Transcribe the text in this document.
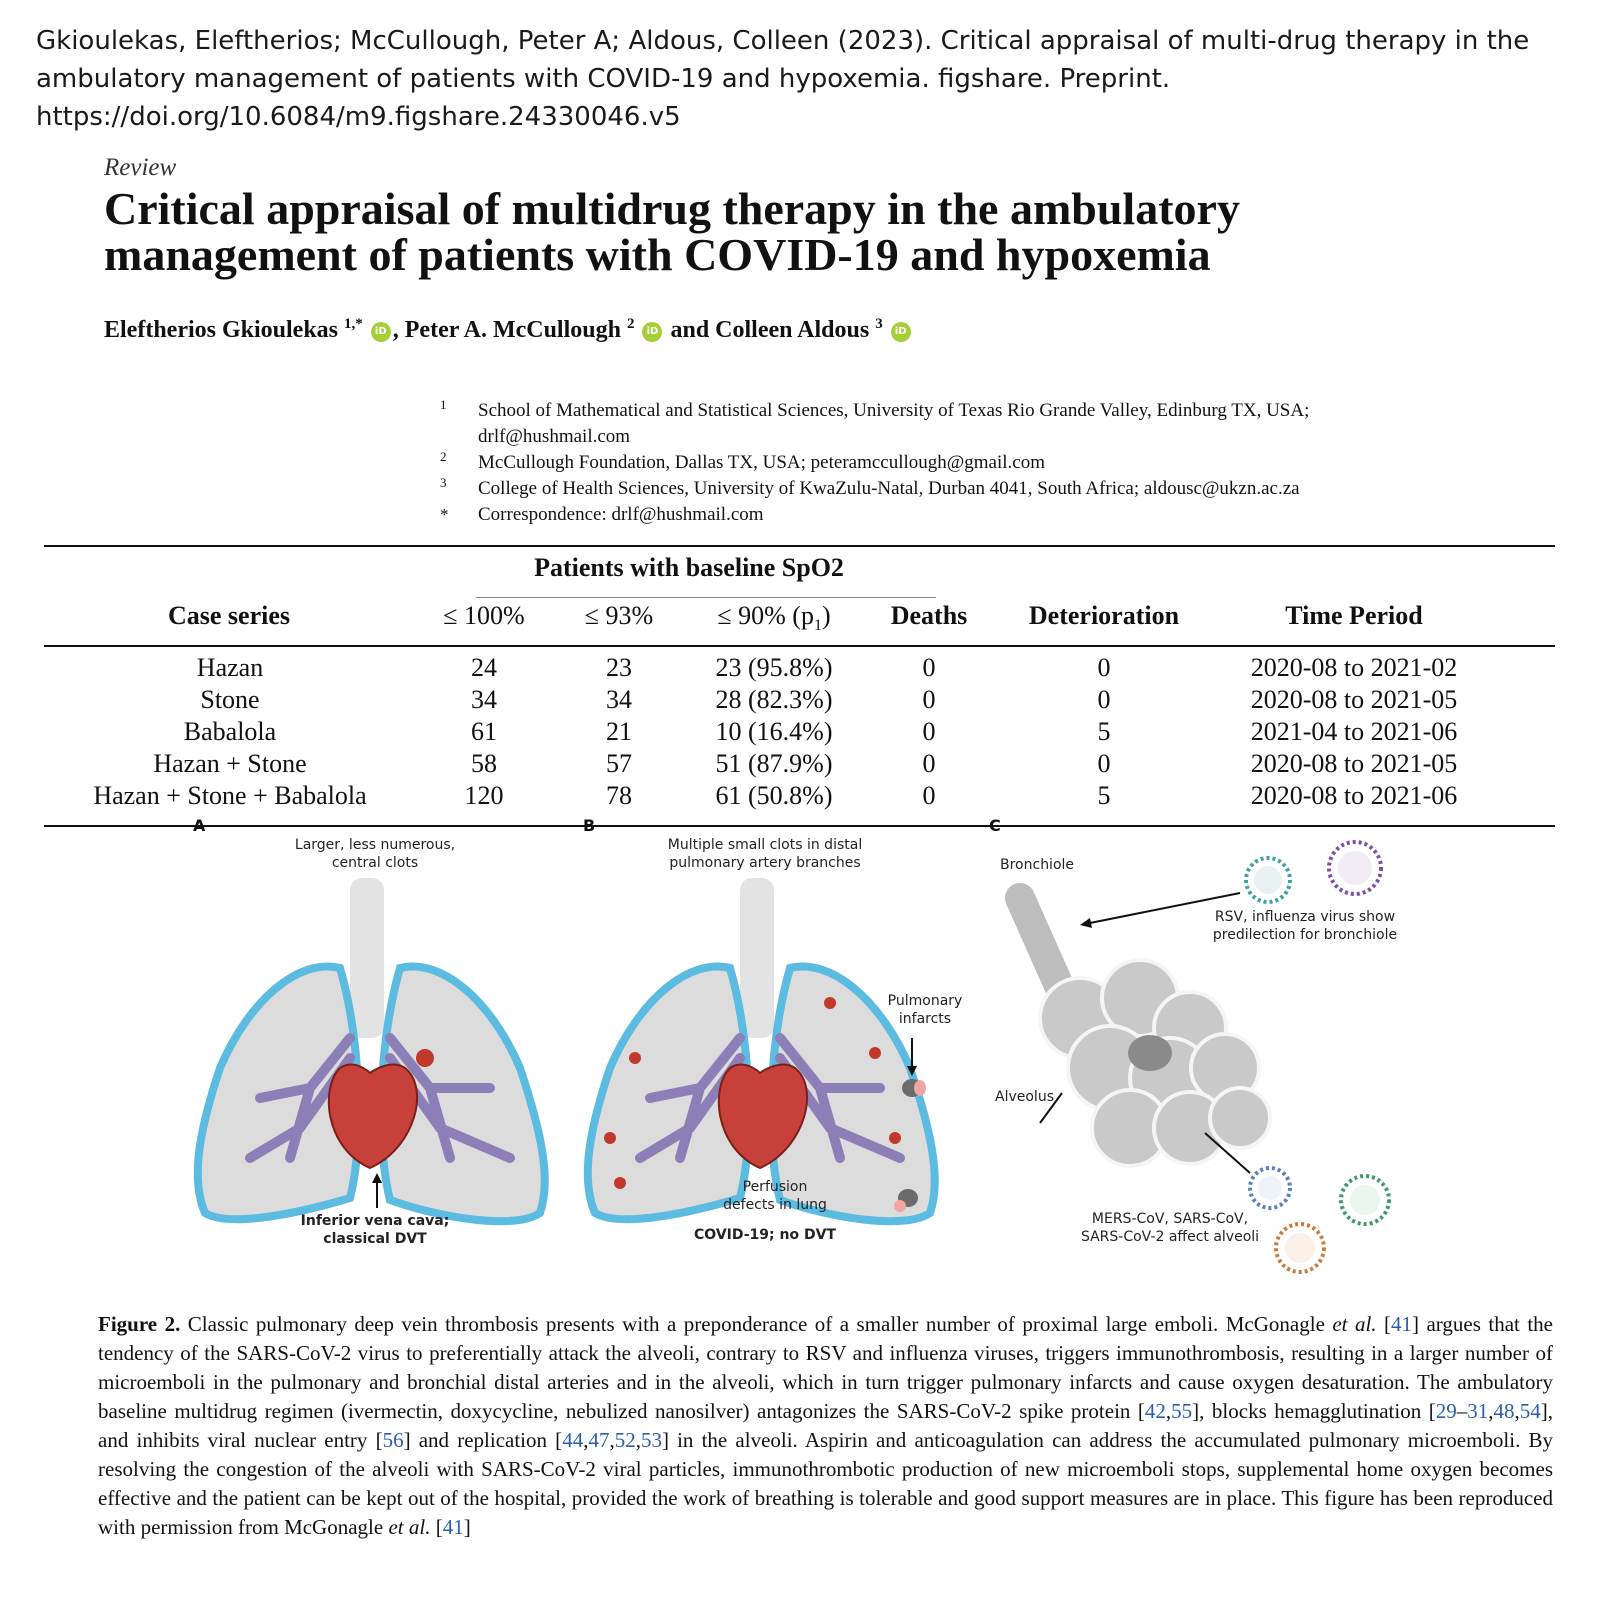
Gkioulekas, Eleftherios; McCullough, Peter A; Aldous, Colleen (2023). Critical appraisal of multi-drug therapy in the
ambulatory management of patients with COVID-19 and hypoxemia. figshare. Preprint.
https://doi.org/10.6084/m9.figshare.24330046.v5
Review
Critical appraisal of multidrug therapy in the ambulatory
management of patients with COVID-19 and hypoxemia
Eleftherios Gkioulekas $^{1,*}$ iD , Peter A. McCullough $^2$ iD and Colleen Aldous $^3$ iD
1 School of Mathematical and Statistical Sciences, University of Texas Rio Grande Valley, Edinburg TX, USA;
drlf@hushmail.com
2 McCullough Foundation, Dallas TX, USA; peteramccullough@gmail.com
3 College of Health Sciences, University of KwaZulu-Natal, Durban 4041, South Africa; aldousc@ukzn.ac.za
* Correspondence: drlf@hushmail.com
Patients with baseline SpO2
Case series	≤ 100%	≤ 93%	≤ 90% $(p_1)$	Deaths	Deterioration	Time Period
Hazan	24	23	23 (95.8%)	0	0	2020-08 to 2021-02
Stone	34	34	28 (82.3%)	0	0	2020-08 to 2021-05
Babalola	61	21	10 (16.4%)	0	5	2021-04 to 2021-06
Hazan + Stone	58	57	51 (87.9%)	0	0	2020-08 to 2021-05
Hazan + Stone + Babalola	120	78	61 (50.8%)	0	5	2020-08 to 2021-06
A	B	C
Larger, less numerous,
central clots
Inferior vena cava;
classical DVT
Multiple small clots in distal
pulmonary artery branches
Pulmonary
infarcts
Perfusion
defects in lung
COVID-19; no DVT
Bronchiole
RSV, influenza virus show
predilection for bronchiole
Alveolus
MERS-CoV, SARS-CoV,
SARS-CoV-2 affect alveoli
Figure 2. Classic pulmonary deep vein thrombosis presents with a preponderance of a smaller number of proximal large emboli. McGonagle et al. [41] argues that the tendency of the SARS-CoV-2 virus to preferentially attack the alveoli, contrary to RSV and influenza viruses, triggers immunothrombosis, resulting in a larger number of microemboli in the pulmonary and bronchial distal arteries and in the alveoli, which in turn trigger pulmonary infarcts and cause oxygen desaturation. The ambulatory baseline multidrug regimen (ivermectin, doxycycline, nebulized nanosilver) antagonizes the SARS-CoV-2 spike protein [42,55], blocks hemagglutination [29–31,48,54], and inhibits viral nuclear entry [56] and replication [44,47,52,53] in the alveoli. Aspirin and anticoagulation can address the accumulated pulmonary microemboli. By resolving the congestion of the alveoli with SARS-CoV-2 viral particles, immunothrombotic production of new microemboli stops, supplemental home oxygen becomes effective and the patient can be kept out of the hospital, provided the work of breathing is tolerable and good support measures are in place. This figure has been reproduced with permission from McGonagle et al. [41]
